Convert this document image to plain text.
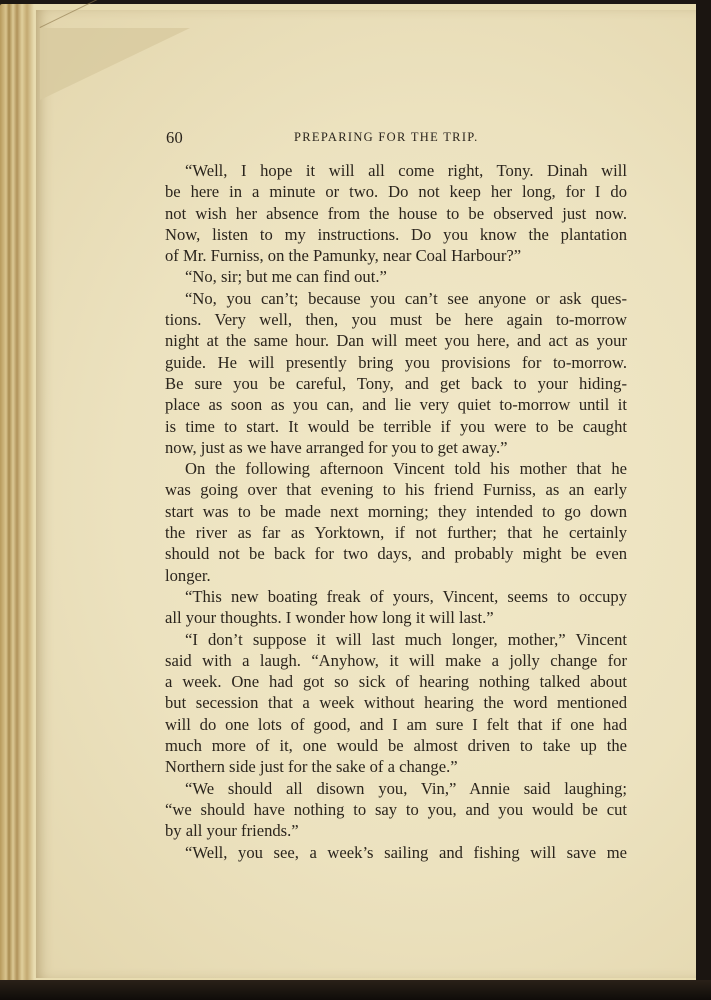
60	PREPARING FOR THE TRIP.
“Well, I hope it will all come right, Tony. Dinah will
be here in a minute or two. Do not keep her long, for I do
not wish her absence from the house to be observed just now.
Now, listen to my instructions. Do you know the plantation
of Mr. Furniss, on the Pamunky, near Coal Harbour?”
“No, sir; but me can find out.”
“No, you can’t; because you can’t see anyone or ask ques-
tions. Very well, then, you must be here again to-morrow
night at the same hour. Dan will meet you here, and act as your
guide. He will presently bring you provisions for to-morrow.
Be sure you be careful, Tony, and get back to your hiding-
place as soon as you can, and lie very quiet to-morrow until it
is time to start. It would be terrible if you were to be caught
now, just as we have arranged for you to get away.”
On the following afternoon Vincent told his mother that he
was going over that evening to his friend Furniss, as an early
start was to be made next morning; they intended to go down
the river as far as Yorktown, if not further; that he certainly
should not be back for two days, and probably might be even
longer.
“This new boating freak of yours, Vincent, seems to occupy
all your thoughts. I wonder how long it will last.”
“I don’t suppose it will last much longer, mother,” Vincent
said with a laugh. “Anyhow, it will make a jolly change for
a week. One had got so sick of hearing nothing talked about
but secession that a week without hearing the word mentioned
will do one lots of good, and I am sure I felt that if one had
much more of it, one would be almost driven to take up the
Northern side just for the sake of a change.”
“We should all disown you, Vin,” Annie said laughing;
“we should have nothing to say to you, and you would be cut
by all your friends.”
“Well, you see, a week’s sailing and fishing will save me
